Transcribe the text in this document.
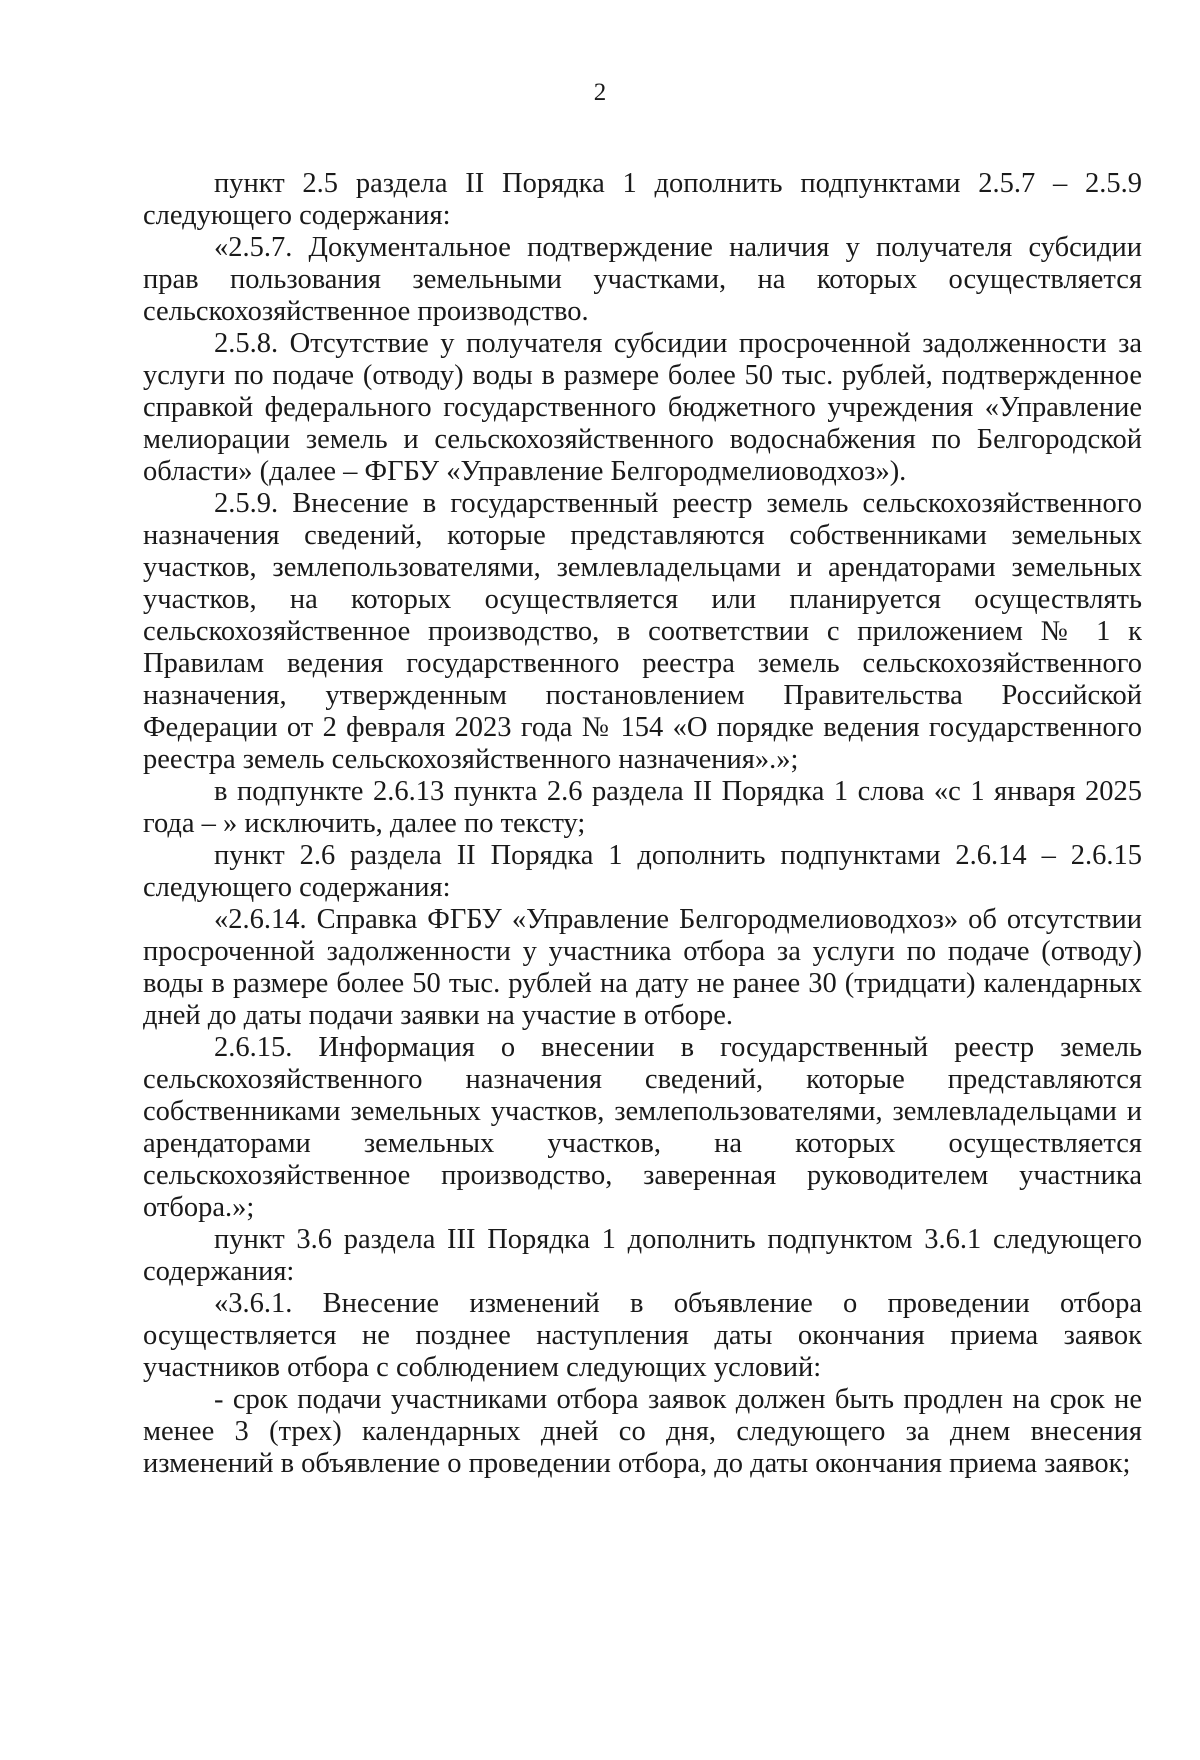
2

пункт 2.5 раздела II Порядка 1 дополнить подпунктами 2.5.7 – 2.5.9 следующего содержания:

«2.5.7. Документальное подтверждение наличия у получателя субсидии прав пользования земельными участками, на которых осуществляется сельскохозяйственное производство.

2.5.8. Отсутствие у получателя субсидии просроченной задолженности за услуги по подаче (отводу) воды в размере более 50 тыс. рублей, подтвержденное справкой федерального государственного бюджетного учреждения «Управление мелиорации земель и сельскохозяйственного водоснабжения по Белгородской области» (далее – ФГБУ «Управление Белгородмелиоводхоз»).

2.5.9. Внесение в государственный реестр земель сельскохозяйственного назначения сведений, которые представляются собственниками земельных участков, землепользователями, землевладельцами и арендаторами земельных участков, на которых осуществляется или планируется осуществлять сельскохозяйственное производство, в соответствии с приложением № 1 к Правилам ведения государственного реестра земель сельскохозяйственного назначения, утвержденным постановлением Правительства Российской Федерации от 2 февраля 2023 года № 154 «О порядке ведения государственного реестра земель сельскохозяйственного назначения».»;

в подпункте 2.6.13 пункта 2.6 раздела II Порядка 1 слова «с 1 января 2025 года – » исключить, далее по тексту;

пункт 2.6 раздела II Порядка 1 дополнить подпунктами 2.6.14 – 2.6.15 следующего содержания:

«2.6.14. Справка ФГБУ «Управление Белгородмелиоводхоз» об отсутствии просроченной задолженности у участника отбора за услуги по подаче (отводу) воды в размере более 50 тыс. рублей на дату не ранее 30 (тридцати) календарных дней до даты подачи заявки на участие в отборе.

2.6.15. Информация о внесении в государственный реестр земель сельскохозяйственного назначения сведений, которые представляются собственниками земельных участков, землепользователями, землевладельцами и арендаторами земельных участков, на которых осуществляется сельскохозяйственное производство, заверенная руководителем участника отбора.»;

пункт 3.6 раздела III Порядка 1 дополнить подпунктом 3.6.1 следующего содержания:

«3.6.1. Внесение изменений в объявление о проведении отбора осуществляется не позднее наступления даты окончания приема заявок участников отбора с соблюдением следующих условий:

- срок подачи участниками отбора заявок должен быть продлен на срок не менее 3 (трех) календарных дней со дня, следующего за днем внесения изменений в объявление о проведении отбора, до даты окончания приема заявок;
